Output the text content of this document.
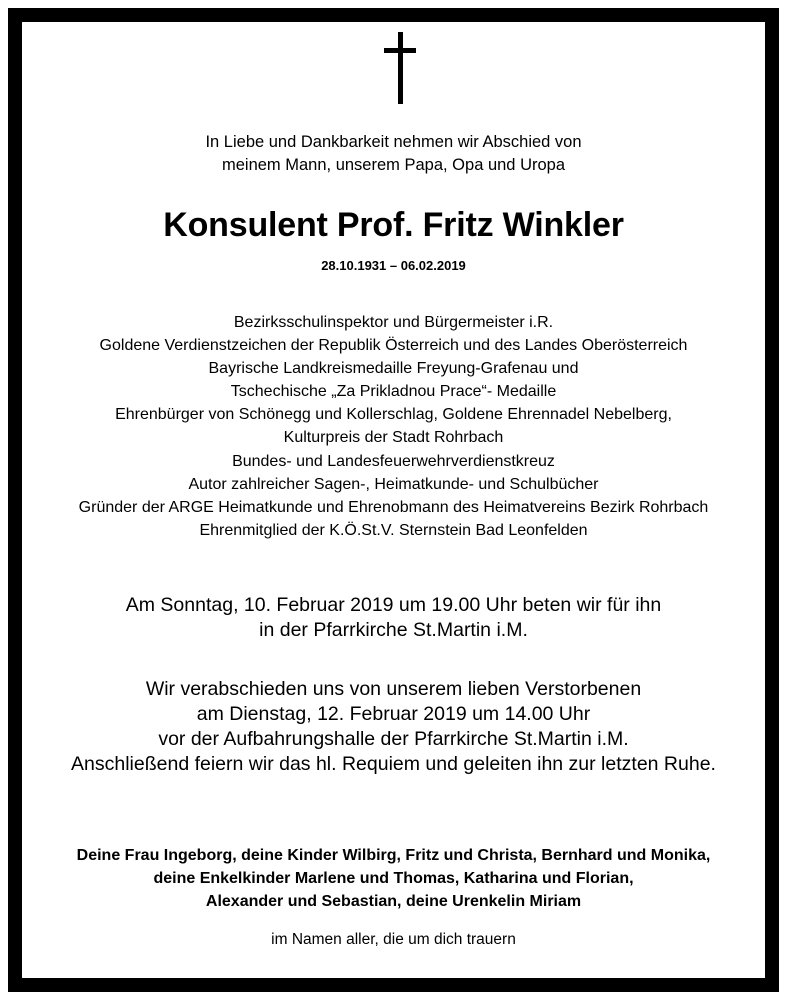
In Liebe und Dankbarkeit nehmen wir Abschied von
meinem Mann, unserem Papa, Opa und Uropa
Konsulent Prof. Fritz Winkler
28.10.1931 – 06.02.2019
Bezirksschulinspektor und Bürgermeister i.R.
Goldene Verdienstzeichen der Republik Österreich und des Landes Oberösterreich
Bayrische Landkreismedaille Freyung-Grafenau und
Tschechische „Za Prikladnou Prace“- Medaille
Ehrenbürger von Schönegg und Kollerschlag, Goldene Ehrennadel Nebelberg,
Kulturpreis der Stadt Rohrbach
Bundes- und Landesfeuerwehrverdienstkreuz
Autor zahlreicher Sagen-, Heimatkunde- und Schulbücher
Gründer der ARGE Heimatkunde und Ehrenobmann des Heimatvereins Bezirk Rohrbach
Ehrenmitglied der K.Ö.St.V. Sternstein Bad Leonfelden
Am Sonntag, 10. Februar 2019 um 19.00 Uhr beten wir für ihn
in der Pfarrkirche St.Martin i.M.
Wir verabschieden uns von unserem lieben Verstorbenen
am Dienstag, 12. Februar 2019 um 14.00 Uhr
vor der Aufbahrungshalle der Pfarrkirche St.Martin i.M.
Anschließend feiern wir das hl. Requiem und geleiten ihn zur letzten Ruhe.
Deine Frau Ingeborg, deine Kinder Wilbirg, Fritz und Christa, Bernhard und Monika,
deine Enkelkinder Marlene und Thomas, Katharina und Florian,
Alexander und Sebastian, deine Urenkelin Miriam
im Namen aller, die um dich trauern
